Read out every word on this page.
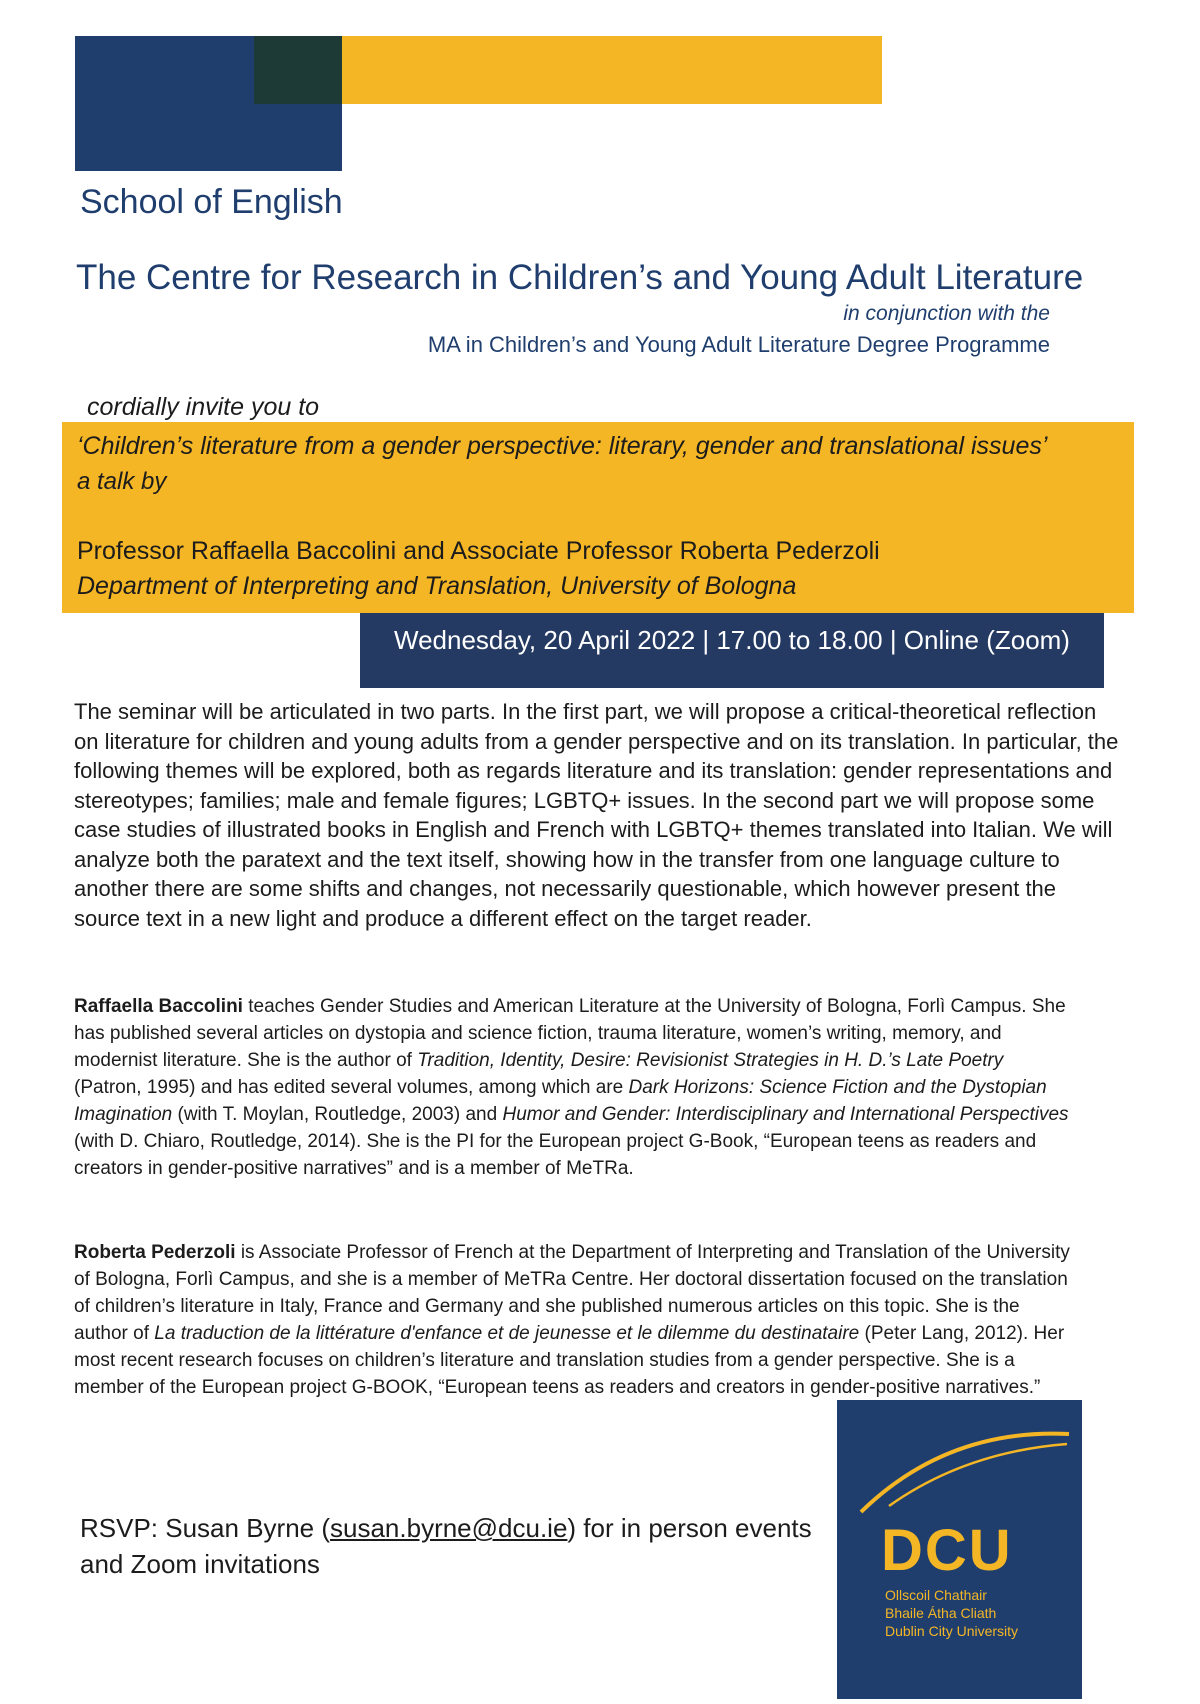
School of English
The Centre for Research in Children’s and Young Adult Literature
in conjunction with the
MA in Children’s and Young Adult Literature Degree Programme
cordially invite you to
‘Children’s literature from a gender perspective: literary, gender and translational issues’
a talk by
Professor Raffaella Baccolini and Associate Professor Roberta Pederzoli
Department of Interpreting and Translation, University of Bologna
Wednesday, 20 April 2022 | 17.00 to 18.00 | Online (Zoom)
The seminar will be articulated in two parts. In the first part, we will propose a critical-theoretical reflection on literature for children and young adults from a gender perspective and on its translation. In particular, the following themes will be explored, both as regards literature and its translation: gender representations and stereotypes; families; male and female figures; LGBTQ+ issues. In the second part we will propose some case studies of illustrated books in English and French with LGBTQ+ themes translated into Italian. We will analyze both the paratext and the text itself, showing how in the transfer from one language culture to another there are some shifts and changes, not necessarily questionable, which however present the source text in a new light and produce a different effect on the target reader.
Raffaella Baccolini teaches Gender Studies and American Literature at the University of Bologna, Forlì Campus. She has published several articles on dystopia and science fiction, trauma literature, women’s writing, memory, and modernist literature. She is the author of Tradition, Identity, Desire: Revisionist Strategies in H. D.’s Late Poetry (Patron, 1995) and has edited several volumes, among which are Dark Horizons: Science Fiction and the Dystopian Imagination (with T. Moylan, Routledge, 2003) and Humor and Gender: Interdisciplinary and International Perspectives (with D. Chiaro, Routledge, 2014). She is the PI for the European project G-Book, “European teens as readers and creators in gender-positive narratives” and is a member of MeTRa.
Roberta Pederzoli is Associate Professor of French at the Department of Interpreting and Translation of the University of Bologna, Forlì Campus, and she is a member of MeTRa Centre. Her doctoral dissertation focused on the translation of children’s literature in Italy, France and Germany and she published numerous articles on this topic. She is the author of La traduction de la littérature d'enfance et de jeunesse et le dilemme du destinataire (Peter Lang, 2012). Her most recent research focuses on children’s literature and translation studies from a gender perspective. She is a member of the European project G-BOOK, “European teens as readers and creators in gender-positive narratives.”
RSVP: Susan Byrne (susan.byrne@dcu.ie) for in person events and Zoom invitations	DCU
Ollscoil Chathair
Bhaile Átha Cliath
Dublin City University
